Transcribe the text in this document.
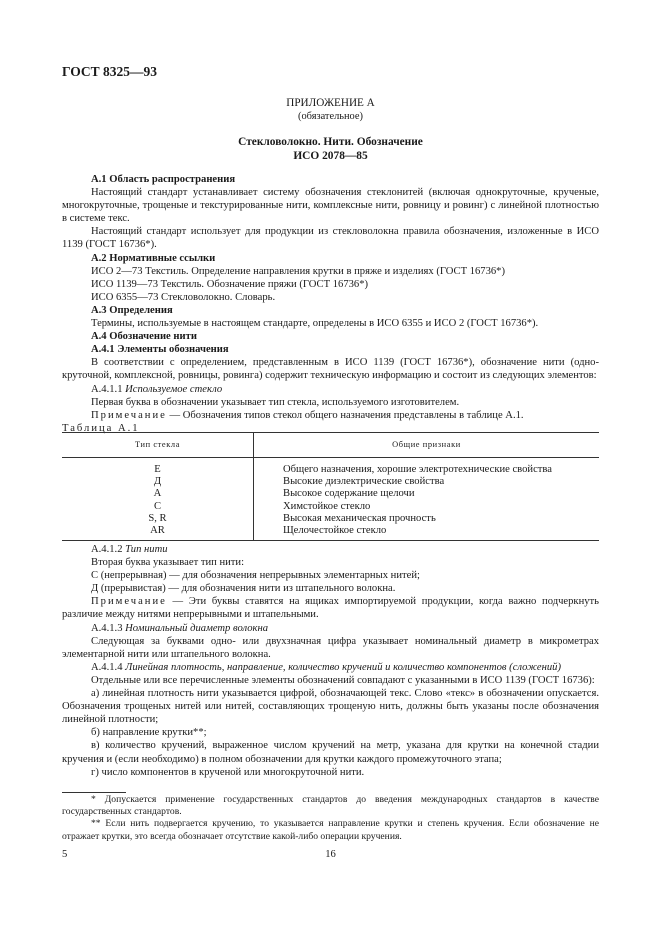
ГОСТ 8325—93
ПРИЛОЖЕНИЕ А
(обязательное)
Стекловолокно. Нити. Обозначение
ИСО 2078—85

А.1 Область распространения

Настоящий стандарт устанавливает систему обозначения стеклонитей (включая однокруточные, крученые, многокруточные, трощеные и текстурированные нити, комплексные нити, ровницу и ровинг) с линейной плотностью в системе текс.

Настоящий стандарт использует для продукции из стекловолокна правила обозначения, изложенные в ИСО 1139 (ГОСТ 16736*).

А.2 Нормативные ссылки

ИСО 2—73 Текстиль. Определение направления крутки в пряже и изделиях (ГОСТ 16736*)

ИСО 1139—73 Текстиль. Обозначение пряжи (ГОСТ 16736*)

ИСО 6355—73 Стекловолокно. Словарь.

А.3 Определения

Термины, используемые в настоящем стандарте, определены в ИСО 6355 и ИСО 2 (ГОСТ 16736*).

А.4 Обозначение нити

А.4.1 Элементы обозначения

В соответствии с определением, представленным в ИСО 1139 (ГОСТ 16736*), обозначение нити (однокруточной, комплексной, ровницы, ровинга) содержит техническую информацию и состоит из следующих элементов:

А.4.1.1 Используемое стекло

Первая буква в обозначении указывает тип стекла, используемого изготовителем.

Примечание — Обозначения типов стекол общего назначения представлены в таблице А.1.

Таблица А.1

Тип стекла	Общие признаки
Е	Общего назначения, хорошие электротехнические свойства
Д	Высокие диэлектрические свойства
А	Высокое содержание щелочи
С	Химстойкое стекло
S, R	Высокая механическая прочность
AR	Щелочестойкое стекло

А.4.1.2 Тип нити

Вторая буква указывает тип нити:

С (непрерывная) — для обозначения непрерывных элементарных нитей;

Д (прерывистая) — для обозначения нити из штапельного волокна.

Примечание — Эти буквы ставятся на ящиках импортируемой продукции, когда важно подчеркнуть различие между нитями непрерывными и штапельными.

А.4.1.3 Номинальный диаметр волокна

Следующая за буквами одно- или двухзначная цифра указывает номинальный диаметр в микрометрах элементарной нити или штапельного волокна.

А.4.1.4 Линейная плотность, направление, количество кручений и количество компонентов (сложений)

Отдельные или все перечисленные элементы обозначений совпадают с указанными в ИСО 1139 (ГОСТ 16736):

а) линейная плотность нити указывается цифрой, обозначающей текс. Слово «текс» в обозначении опускается. Обозначения трощеных нитей или нитей, составляющих трощеную нить, должны быть указаны после обозначения линейной плотности;

б) направление крутки**;

в) количество кручений, выраженное числом кручений на метр, указана для крутки на конечной стадии кручения и (если необходимо) в полном обозначении для крутки каждого промежуточного этапа;

г) число компонентов в крученой или многокруточной нити.

* Допускается применение государственных стандартов до введения международных стандартов в качестве государственных стандартов.

** Если нить подвергается кручению, то указывается направление крутки и степень кручения. Если обозначение не отражает крутки, это всегда обозначает отсутствие какой-либо операции кручения.

5	16
